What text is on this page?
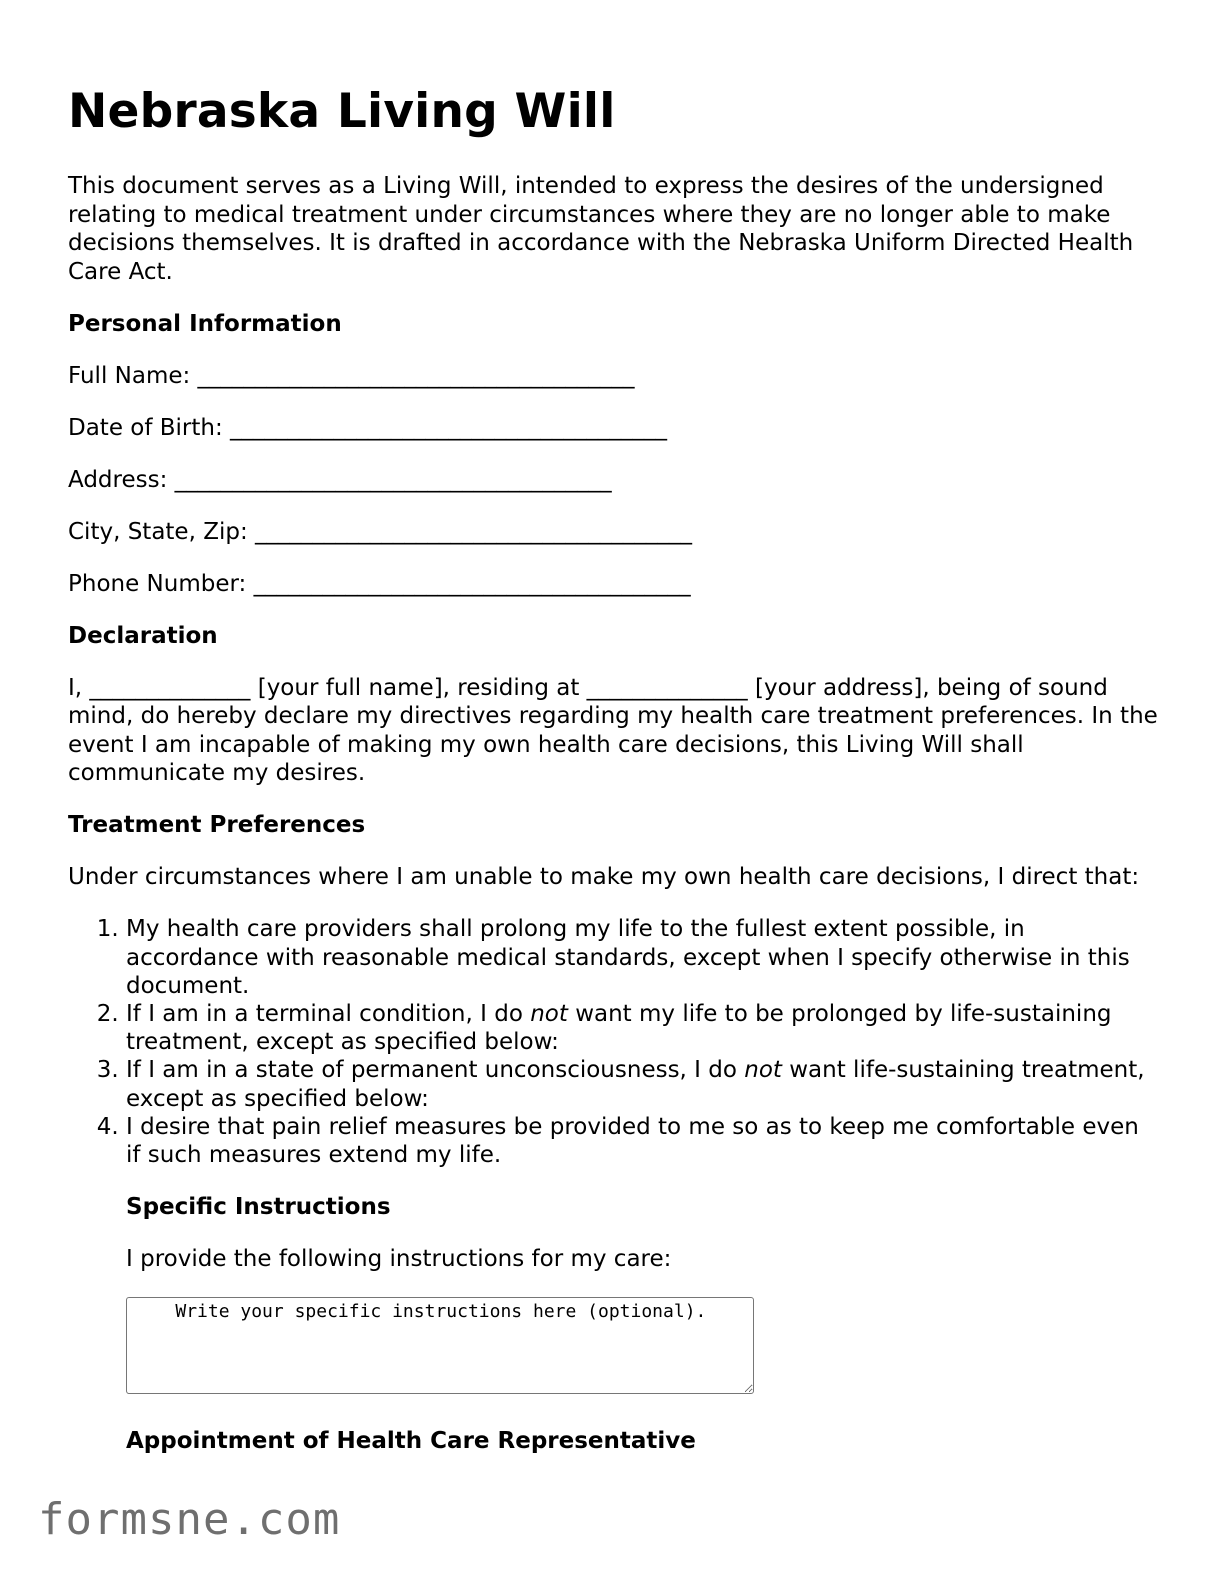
Nebraska Living Will

This document serves as a Living Will, intended to express the desires of the undersigned relating to medical treatment under circumstances where they are no longer able to make decisions themselves. It is drafted in accordance with the Nebraska Uniform Directed Health Care Act.

Personal Information
Full Name: ______________________________________
Date of Birth: ______________________________________
Address: ______________________________________
City, State, Zip: ______________________________________
Phone Number: ______________________________________
Declaration

I, ______________ [your full name], residing at ______________ [your address], being of sound mind, do hereby declare my directives regarding my health care treatment preferences. In the event I am incapable of making my own health care decisions, this Living Will shall communicate my desires.

Treatment Preferences

Under circumstances where I am unable to make my own health care decisions, I direct that:

1. My health care providers shall prolong my life to the fullest extent possible, in accordance with reasonable medical standards, except when I specify otherwise in this document.
2. If I am in a terminal condition, I do not want my life to be prolonged by life-sustaining treatment, except as specified below:
3. If I am in a state of permanent unconsciousness, I do not want life-sustaining treatment, except as specified below:
4. I desire that pain relief measures be provided to me so as to keep me comfortable even if such measures extend my life.
Specific Instructions

I provide the following instructions for my care:

Write your specific instructions here (optional).
Appointment of Health Care Representative
formsne.com
